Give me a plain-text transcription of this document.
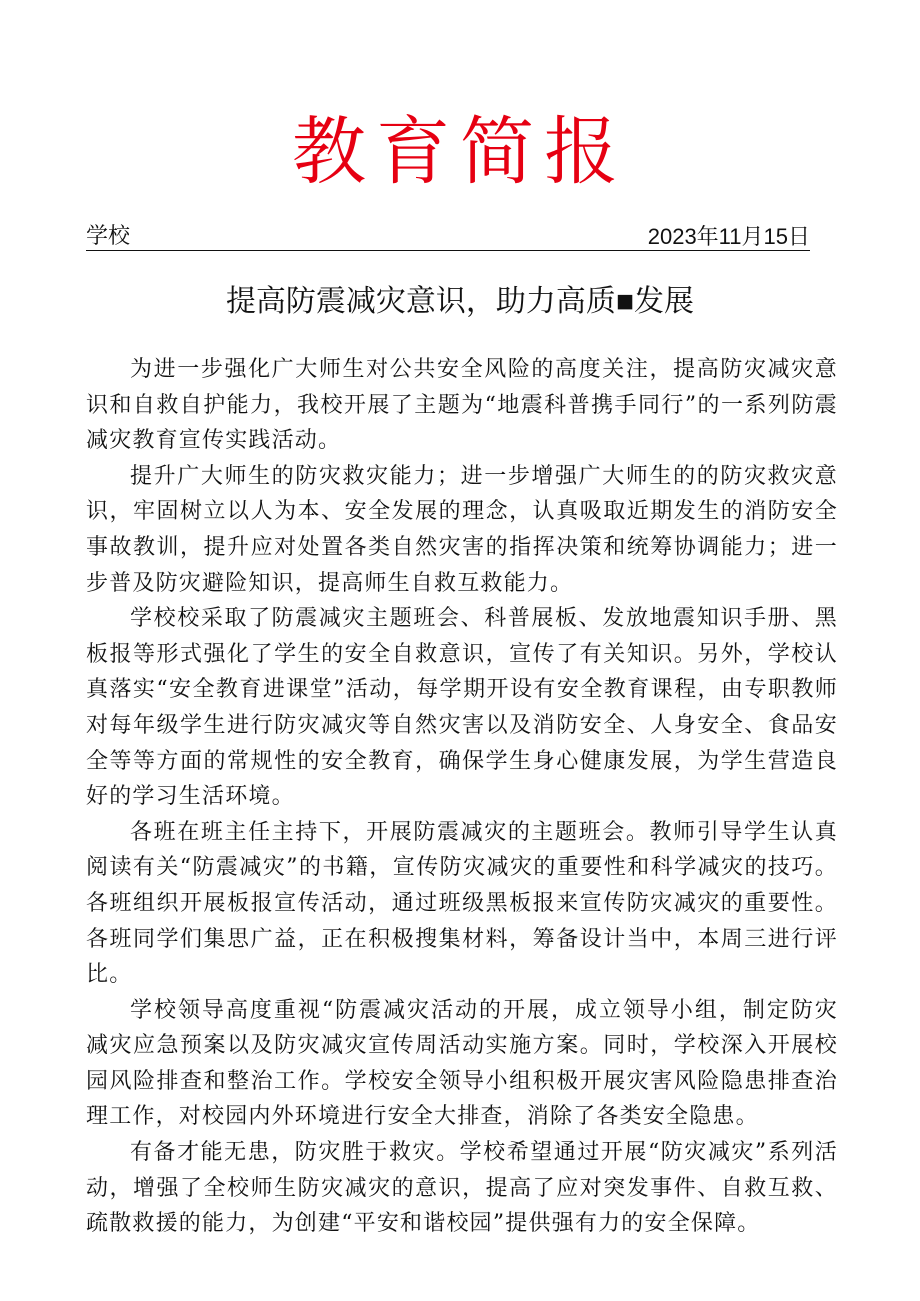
教育简报
学校	2023年11月15日
提高防震减灾意识，助力高质■发展

为进一步强化广大师生对公共安全风险的高度关注，提高防灾减灾意识和自救自护能力，我校开展了主题为“地震科普携手同行”的一系列防震减灾教育宣传实践活动。

提升广大师生的防灾救灾能力；进一步增强广大师生的的防灾救灾意识，牢固树立以人为本、安全发展的理念，认真吸取近期发生的消防安全事故教训，提升应对处置各类自然灾害的指挥决策和统筹协调能力；进一步普及防灾避险知识，提高师生自救互救能力。

学校校采取了防震减灾主题班会、科普展板、发放地震知识手册、黑板报等形式强化了学生的安全自救意识，宣传了有关知识。另外，学校认真落实“安全教育进课堂”活动，每学期开设有安全教育课程，由专职教师对每年级学生进行防灾减灾等自然灾害以及消防安全、人身安全、食品安全等等方面的常规性的安全教育，确保学生身心健康发展，为学生营造良好的学习生活环境。

各班在班主任主持下，开展防震减灾的主题班会。教师引导学生认真阅读有关“防震减灾”的书籍，宣传防灾减灾的重要性和科学减灾的技巧。各班组织开展板报宣传活动，通过班级黑板报来宣传防灾减灾的重要性。各班同学们集思广益，正在积极搜集材料，筹备设计当中，本周三进行评比。

学校领导高度重视“防震减灾活动的开展，成立领导小组，制定防灾减灾应急预案以及防灾减灾宣传周活动实施方案。同时，学校深入开展校园风险排查和整治工作。学校安全领导小组积极开展灾害风险隐患排查治理工作，对校园内外环境进行安全大排查，消除了各类安全隐患。

有备才能无患，防灾胜于救灾。学校希望通过开展“防灾减灾”系列活动，增强了全校师生防灾减灾的意识，提高了应对突发事件、自救互救、疏散救援的能力，为创建“平安和谐校园”提供强有力的安全保障。
